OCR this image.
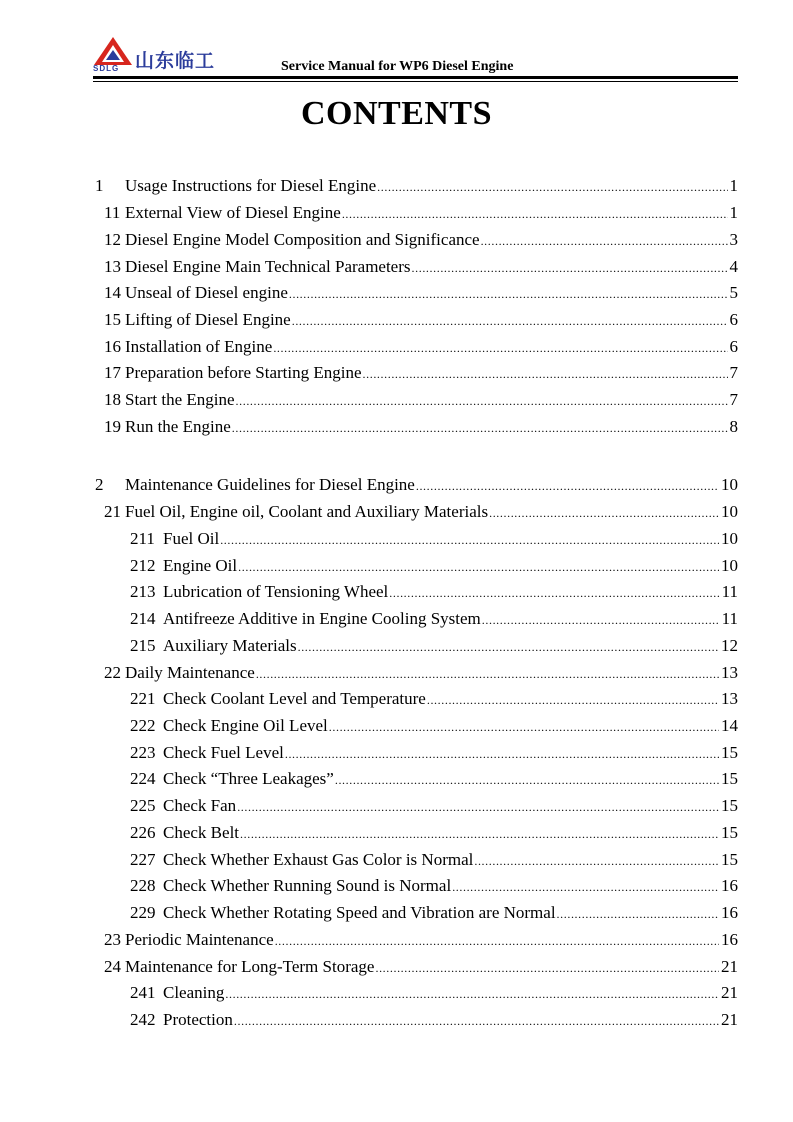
山东临工
SDLG	Service Manual for WP6 Diesel Engine
CONTENTS
1	Usage Instructions for Diesel Engine .....	1
11 External View of Diesel Engine .....	1
12 Diesel Engine Model Composition and Significance .....	3
13 Diesel Engine Main Technical Parameters .....	4
14 Unseal of Diesel engine .....	5
15 Lifting of Diesel Engine .....	6
16 Installation of Engine .....	6
17 Preparation before Starting Engine .....	7
18 Start the Engine .....	7
19 Run the Engine .....	8
2	Maintenance Guidelines for Diesel Engine .....	10
21 Fuel Oil, Engine oil, Coolant and Auxiliary Materials .....	10
211 Fuel Oil .....	10
212 Engine Oil .....	10
213 Lubrication of Tensioning Wheel .....	11
214 Antifreeze Additive in Engine Cooling System .....	11
215 Auxiliary Materials .....	12
22 Daily Maintenance .....	13
221 Check Coolant Level and Temperature .....	13
222 Check Engine Oil Level .....	14
223 Check Fuel Level .....	15
224 Check “Three Leakages” .....	15
225 Check Fan .....	15
226 Check Belt .....	15
227 Check Whether Exhaust Gas Color is Normal .....	15
228 Check Whether Running Sound is Normal .....	16
229 Check Whether Rotating Speed and Vibration are Normal .....	16
23 Periodic Maintenance .....	16
24 Maintenance for Long-Term Storage .....	21
241 Cleaning .....	21
242 Protection .....	21
